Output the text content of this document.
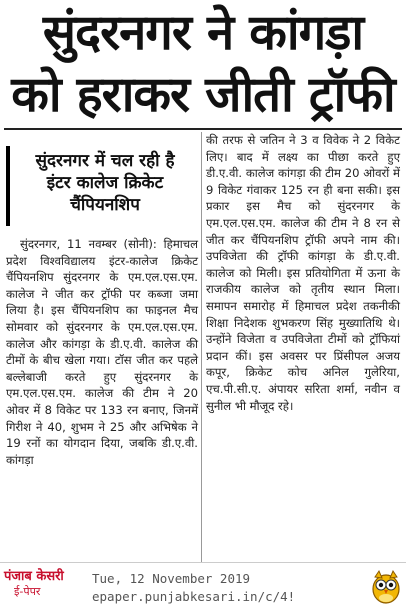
सुंदरनगर ने कांगड़ा
को हराकर जीती ट्रॉफी
सुंदरनगर में चल रही है
इंटर कालेज क्रिकेट
चैंपियनशिप

सुंदरनगर, 11 नवम्बर (सोनी): हिमाचल प्रदेश विश्वविद्यालय इंटर-कालेज क्रिकेट चैंपियनशिप सुंदरनगर के एम.एल.एस.एम. कालेज ने जीत कर ट्रॉफी पर कब्जा जमा लिया है। इस चैंपियनशिप का फाइनल मैच सोमवार को सुंदरनगर के एम.एल.एस.एम. कालेज और कांगड़ा के डी.ए.वी. कालेज की टीमों के बीच खेला गया। टॉस जीत कर पहले बल्लेबाजी करते हुए सुंदरनगर के एम.एल.एस.एम. कालेज की टीम ने 20 ओवर में 8 विकेट पर 133 रन बनाए, जिनमें गिरीश ने 40, शुभम ने 25 और अभिषेक ने 19 रनों का योगदान दिया, जबकि डी.ए.वी. कांगड़ा

की तरफ से जतिन ने 3 व विवेक ने 2 विकेट लिए। बाद में लक्ष्य का पीछा करते हुए डी.ए.वी. कालेज कांगड़ा की टीम 20 ओवरों में 9 विकेट गंवाकर 125 रन ही बना सकी। इस प्रकार इस मैच को सुंदरनगर के एम.एल.एस.एम. कालेज की टीम ने 8 रन से जीत कर चैंपियनशिप ट्रॉफी अपने नाम की। उपविजेता की ट्रॉफी कांगड़ा के डी.ए.वी. कालेज को मिली। इस प्रतियोगिता में ऊना के राजकीय कालेज को तृतीय स्थान मिला। समापन समारोह में हिमाचल प्रदेश तकनीकी शिक्षा निदेशक शुभकरण सिंह मुख्यातिथि थे। उन्होंने विजेता व उपविजेता टीमों को ट्रॉफियां प्रदान कीं। इस अवसर पर प्रिंसीपल अजय कपूर, क्रिकेट कोच अनिल गुलेरिया, एच.पी.सी.ए. अंपायर सरिता शर्मा, नवीन व सुनील भी मौजूद रहे।

पंजाब केसरी
ई-पेपर
Tue, 12 November 2019
epaper.punjabkesari.in/c/4!
